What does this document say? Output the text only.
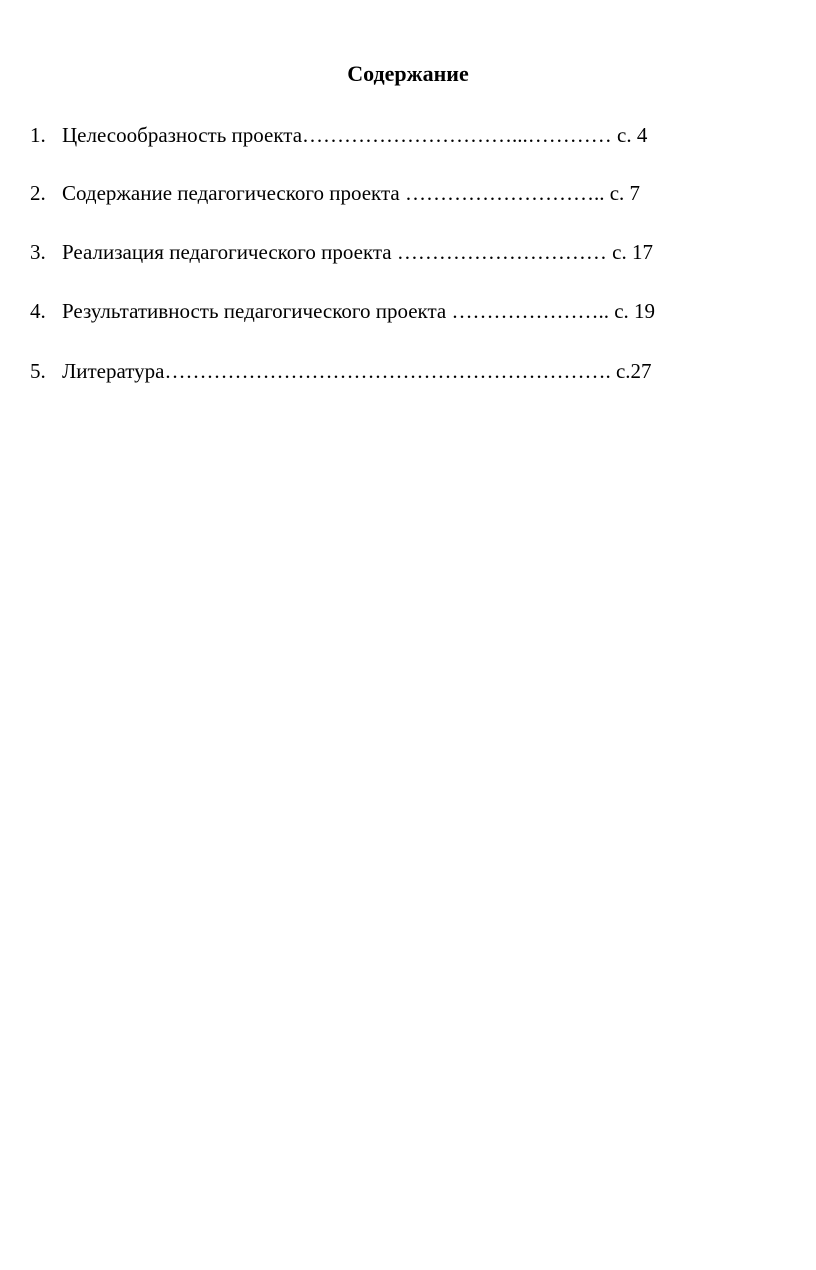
Содержание
1. Целесообразность проекта…………………………...………… с. 4
2. Содержание педагогического проекта ……………………….. с. 7
3. Реализация педагогического проекта ………………………… с. 17
4. Результативность педагогического проекта ………………….. с. 19
5. Литература………………………………………………………. с.27
